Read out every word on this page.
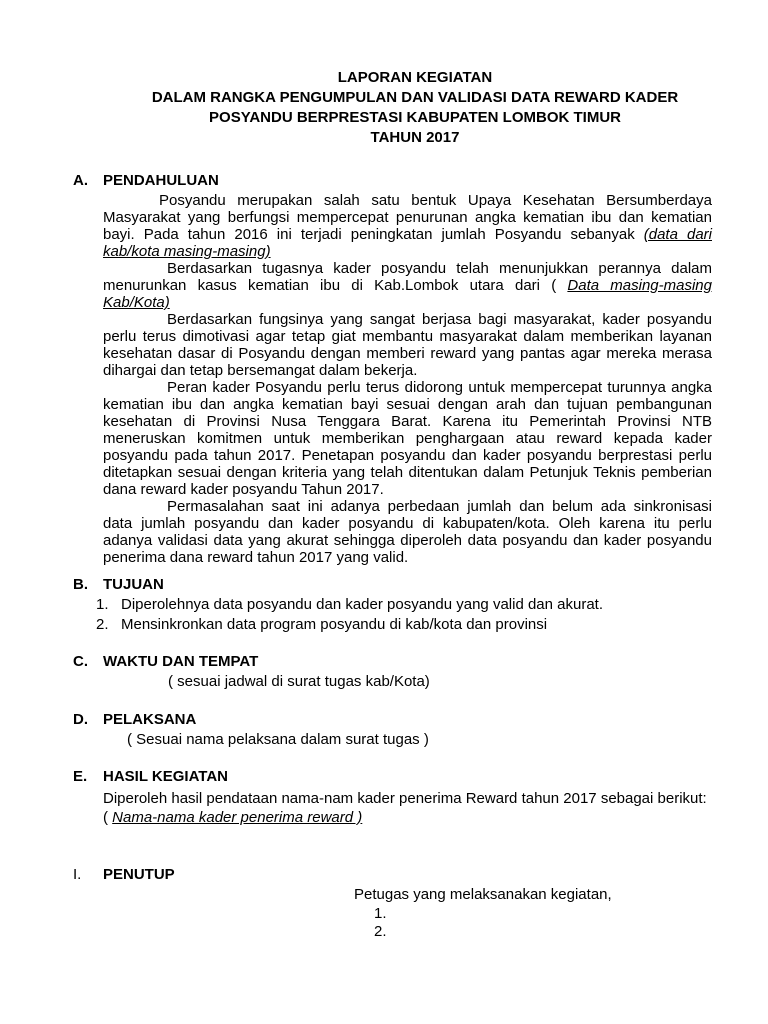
LAPORAN KEGIATAN
DALAM RANGKA PENGUMPULAN DAN VALIDASI DATA REWARD KADER
POSYANDU BERPRESTASI KABUPATEN LOMBOK TIMUR
TAHUN 2017
A. PENDAHULUAN

Posyandu merupakan salah satu bentuk Upaya Kesehatan Bersumberdaya Masyarakat yang berfungsi mempercepat penurunan angka kematian ibu dan kematian bayi. Pada tahun 2016 ini terjadi peningkatan jumlah Posyandu sebanyak (data dari kab/kota masing-masing)

Berdasarkan tugasnya kader posyandu telah menunjukkan perannya dalam menurunkan kasus kematian ibu di Kab.Lombok utara dari ( Data masing-masing Kab/Kota)

Berdasarkan fungsinya yang sangat berjasa bagi masyarakat, kader posyandu perlu terus dimotivasi agar tetap giat membantu masyarakat dalam memberikan layanan kesehatan dasar di Posyandu dengan memberi reward yang pantas agar mereka merasa dihargai dan tetap bersemangat dalam bekerja.

Peran kader Posyandu perlu terus didorong untuk mempercepat turunnya angka kematian ibu dan angka kematian bayi sesuai dengan arah dan tujuan pembangunan kesehatan di Provinsi Nusa Tenggara Barat. Karena itu Pemerintah Provinsi NTB meneruskan komitmen untuk memberikan penghargaan atau reward kepada kader posyandu pada tahun 2017. Penetapan posyandu dan kader posyandu berprestasi perlu ditetapkan sesuai dengan kriteria yang telah ditentukan dalam Petunjuk Teknis pemberian dana reward kader posyandu Tahun 2017.

Permasalahan saat ini adanya perbedaan jumlah dan belum ada sinkronisasi data jumlah posyandu dan kader posyandu di kabupaten/kota. Oleh karena itu perlu adanya validasi data yang akurat sehingga diperoleh data posyandu dan kader posyandu penerima dana reward tahun 2017 yang valid.

B. TUJUAN
1. Diperolehnya data posyandu dan kader posyandu yang valid dan akurat.
2. Mensinkronkan data program posyandu di kab/kota dan provinsi
C. WAKTU DAN TEMPAT
( sesuai jadwal di surat tugas kab/Kota)
D. PELAKSANA
( Sesuai nama pelaksana dalam surat tugas )
E. HASIL KEGIATAN
Diperoleh hasil pendataan nama-nam kader penerima Reward tahun 2017 sebagai berikut:
( Nama-nama kader penerima reward )
I. PENUTUP
Petugas yang melaksanakan kegiatan,
1.
2.
